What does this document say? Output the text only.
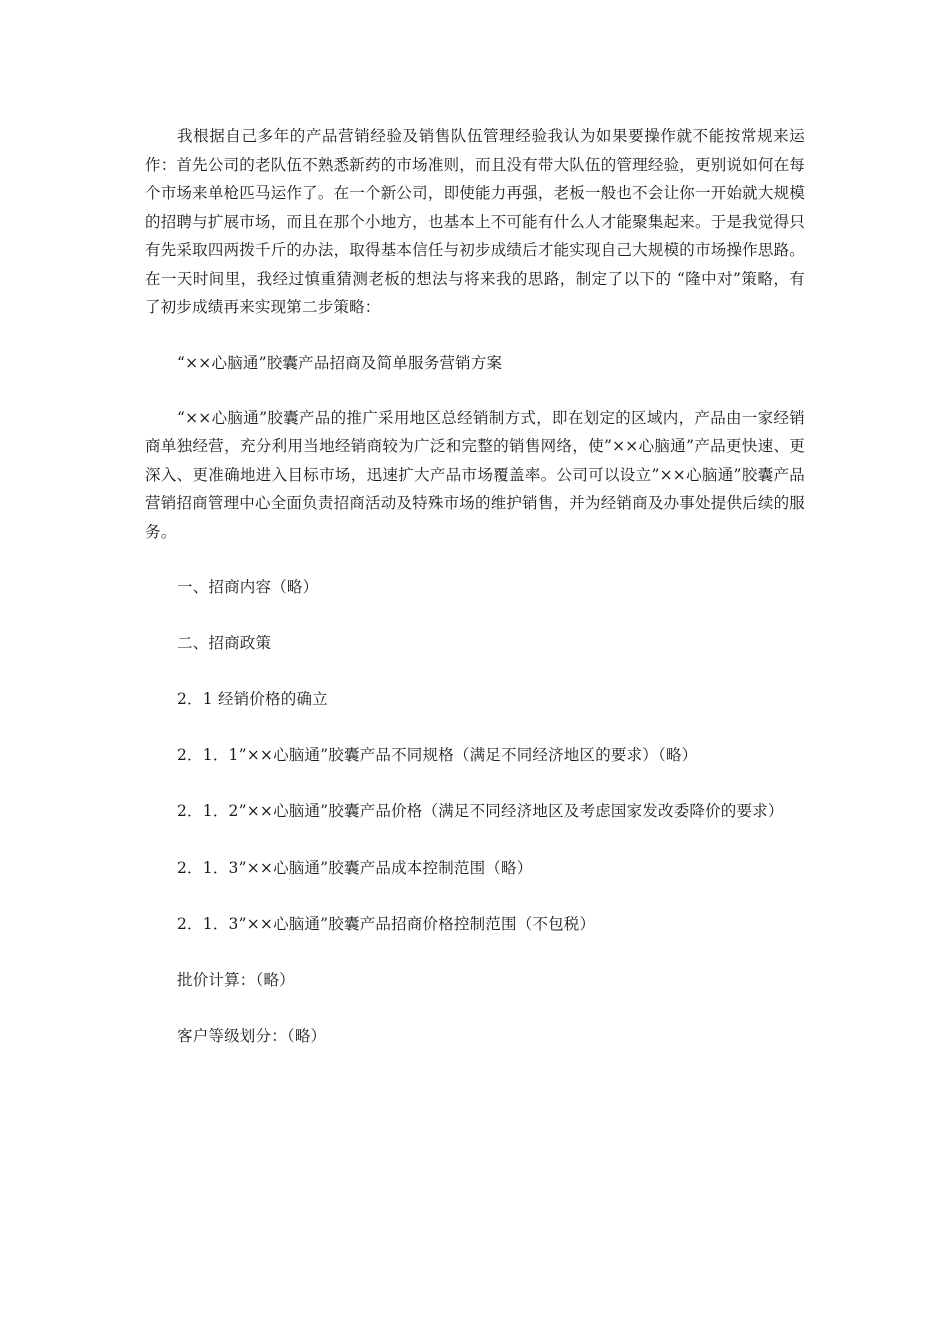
我根据自己多年的产品营销经验及销售队伍管理经验我认为如果要操作就不能按常规来运作：首先公司的老队伍不熟悉新药的市场准则，而且没有带大队伍的管理经验，更别说如何在每个市场来单枪匹马运作了。在一个新公司，即使能力再强，老板一般也不会让你一开始就大规模的招聘与扩展市场，而且在那个小地方，也基本上不可能有什么人才能聚集起来。于是我觉得只有先采取四两拨千斤的办法，取得基本信任与初步成绩后才能实现自己大规模的市场操作思路。在一天时间里，我经过慎重猜测老板的想法与将来我的思路，制定了以下的 “隆中对”策略，有了初步成绩再来实现第二步策略：

“××心脑通”胶囊产品招商及简单服务营销方案

“××心脑通”胶囊产品的推广采用地区总经销制方式，即在划定的区域内，产品由一家经销商单独经营，充分利用当地经销商较为广泛和完整的销售网络，使”××心脑通”产品更快速、更深入、更准确地进入目标市场，迅速扩大产品市场覆盖率。公司可以设立”××心脑通”胶囊产品营销招商管理中心全面负责招商活动及特殊市场的维护销售，并为经销商及办事处提供后续的服务。

一、招商内容（略）

二、招商政策

2．1 经销价格的确立

2．1．1”××心脑通”胶囊产品不同规格（满足不同经济地区的要求）（略）

2．1．2”××心脑通”胶囊产品价格（满足不同经济地区及考虑国家发改委降价的要求）

2．1．3”××心脑通”胶囊产品成本控制范围（略）

2．1．3”××心脑通”胶囊产品招商价格控制范围（不包税）

批价计算：（略）

客户等级划分：（略）
